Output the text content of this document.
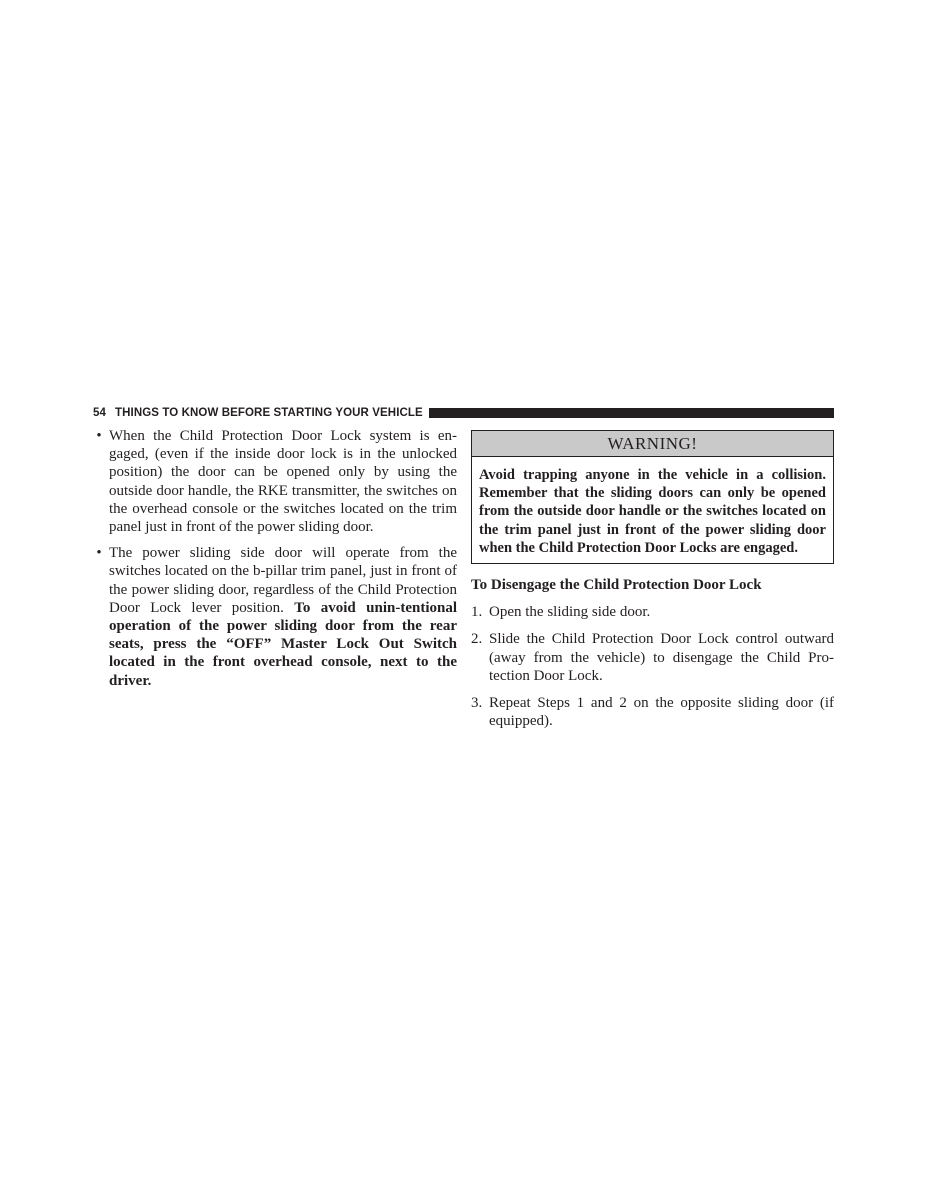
54 THINGS TO KNOW BEFORE STARTING YOUR VEHICLE
• When the Child Protection Door Lock system is en-gaged, (even if the inside door lock is in the unlocked position) the door can be opened only by using the outside door handle, the RKE transmitter, the switches on the overhead console or the switches located on the trim panel just in front of the power sliding door.
• The power sliding side door will operate from the switches located on the b-pillar trim panel, just in front of the power sliding door, regardless of the Child Protection Door Lock lever position. To avoid unin-tentional operation of the power sliding door from the rear seats, press the “OFF” Master Lock Out Switch located in the front overhead console, next to the driver.
WARNING!
Avoid trapping anyone in the vehicle in a collision. Remember that the sliding doors can only be opened from the outside door handle or the switches located on the trim panel just in front of the power sliding door when the Child Protection Door Locks are engaged.
To Disengage the Child Protection Door Lock
1. Open the sliding side door.
2. Slide the Child Protection Door Lock control outward (away from the vehicle) to disengage the Child Pro-tection Door Lock.
3. Repeat Steps 1 and 2 on the opposite sliding door (if equipped).
